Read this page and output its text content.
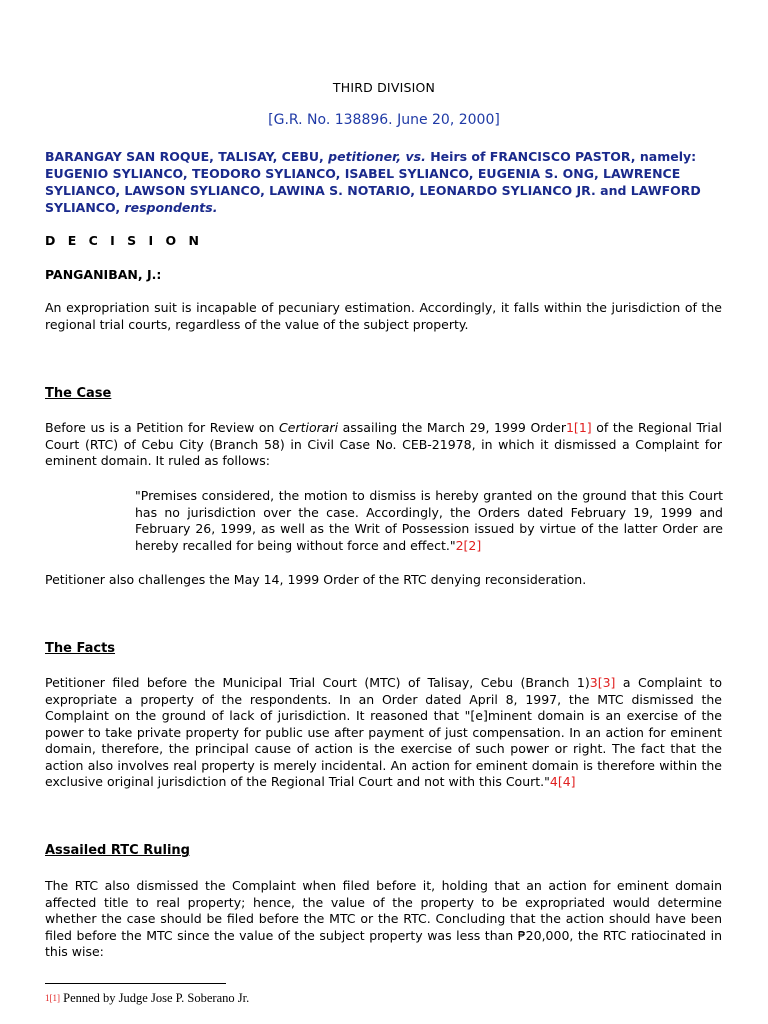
THIRD DIVISION
[G.R. No. 138896. June 20, 2000]
BARANGAY SAN ROQUE, TALISAY, CEBU, petitioner, vs. Heirs of FRANCISCO PASTOR, namely: EUGENIO SYLIANCO, TEODORO SYLIANCO, ISABEL SYLIANCO, EUGENIA S. ONG, LAWRENCE SYLIANCO, LAWSON SYLIANCO, LAWINA S. NOTARIO, LEONARDO SYLIANCO JR. and LAWFORD SYLIANCO, respondents.
D E C I S I O N
PANGANIBAN, J.:

An expropriation suit is incapable of pecuniary estimation. Accordingly, it falls within the jurisdiction of the regional trial courts, regardless of the value of the subject property.

The Case

Before us is a Petition for Review on Certiorari assailing the March 29, 1999 Order1[1] of the Regional Trial Court (RTC) of Cebu City (Branch 58) in Civil Case No. CEB-21978, in which it dismissed a Complaint for eminent domain. It ruled as follows:

"Premises considered, the motion to dismiss is hereby granted on the ground that this Court has no jurisdiction over the case. Accordingly, the Orders dated February 19, 1999 and February 26, 1999, as well as the Writ of Possession issued by virtue of the latter Order are hereby recalled for being without force and effect."2[2]

Petitioner also challenges the May 14, 1999 Order of the RTC denying reconsideration.

The Facts

Petitioner filed before the Municipal Trial Court (MTC) of Talisay, Cebu (Branch 1)3[3] a Complaint to expropriate a property of the respondents. In an Order dated April 8, 1997, the MTC dismissed the Complaint on the ground of lack of jurisdiction. It reasoned that "[e]minent domain is an exercise of the power to take private property for public use after payment of just compensation. In an action for eminent domain, therefore, the principal cause of action is the exercise of such power or right. The fact that the action also involves real property is merely incidental. An action for eminent domain is therefore within the exclusive original jurisdiction of the Regional Trial Court and not with this Court."4[4]

Assailed RTC Ruling

The RTC also dismissed the Complaint when filed before it, holding that an action for eminent domain affected title to real property; hence, the value of the property to be expropriated would determine whether the case should be filed before the MTC or the RTC. Concluding that the action should have been filed before the MTC since the value of the subject property was less than ₱20,000, the RTC ratiocinated in this wise:

1[1] Penned by Judge Jose P. Soberano Jr.
